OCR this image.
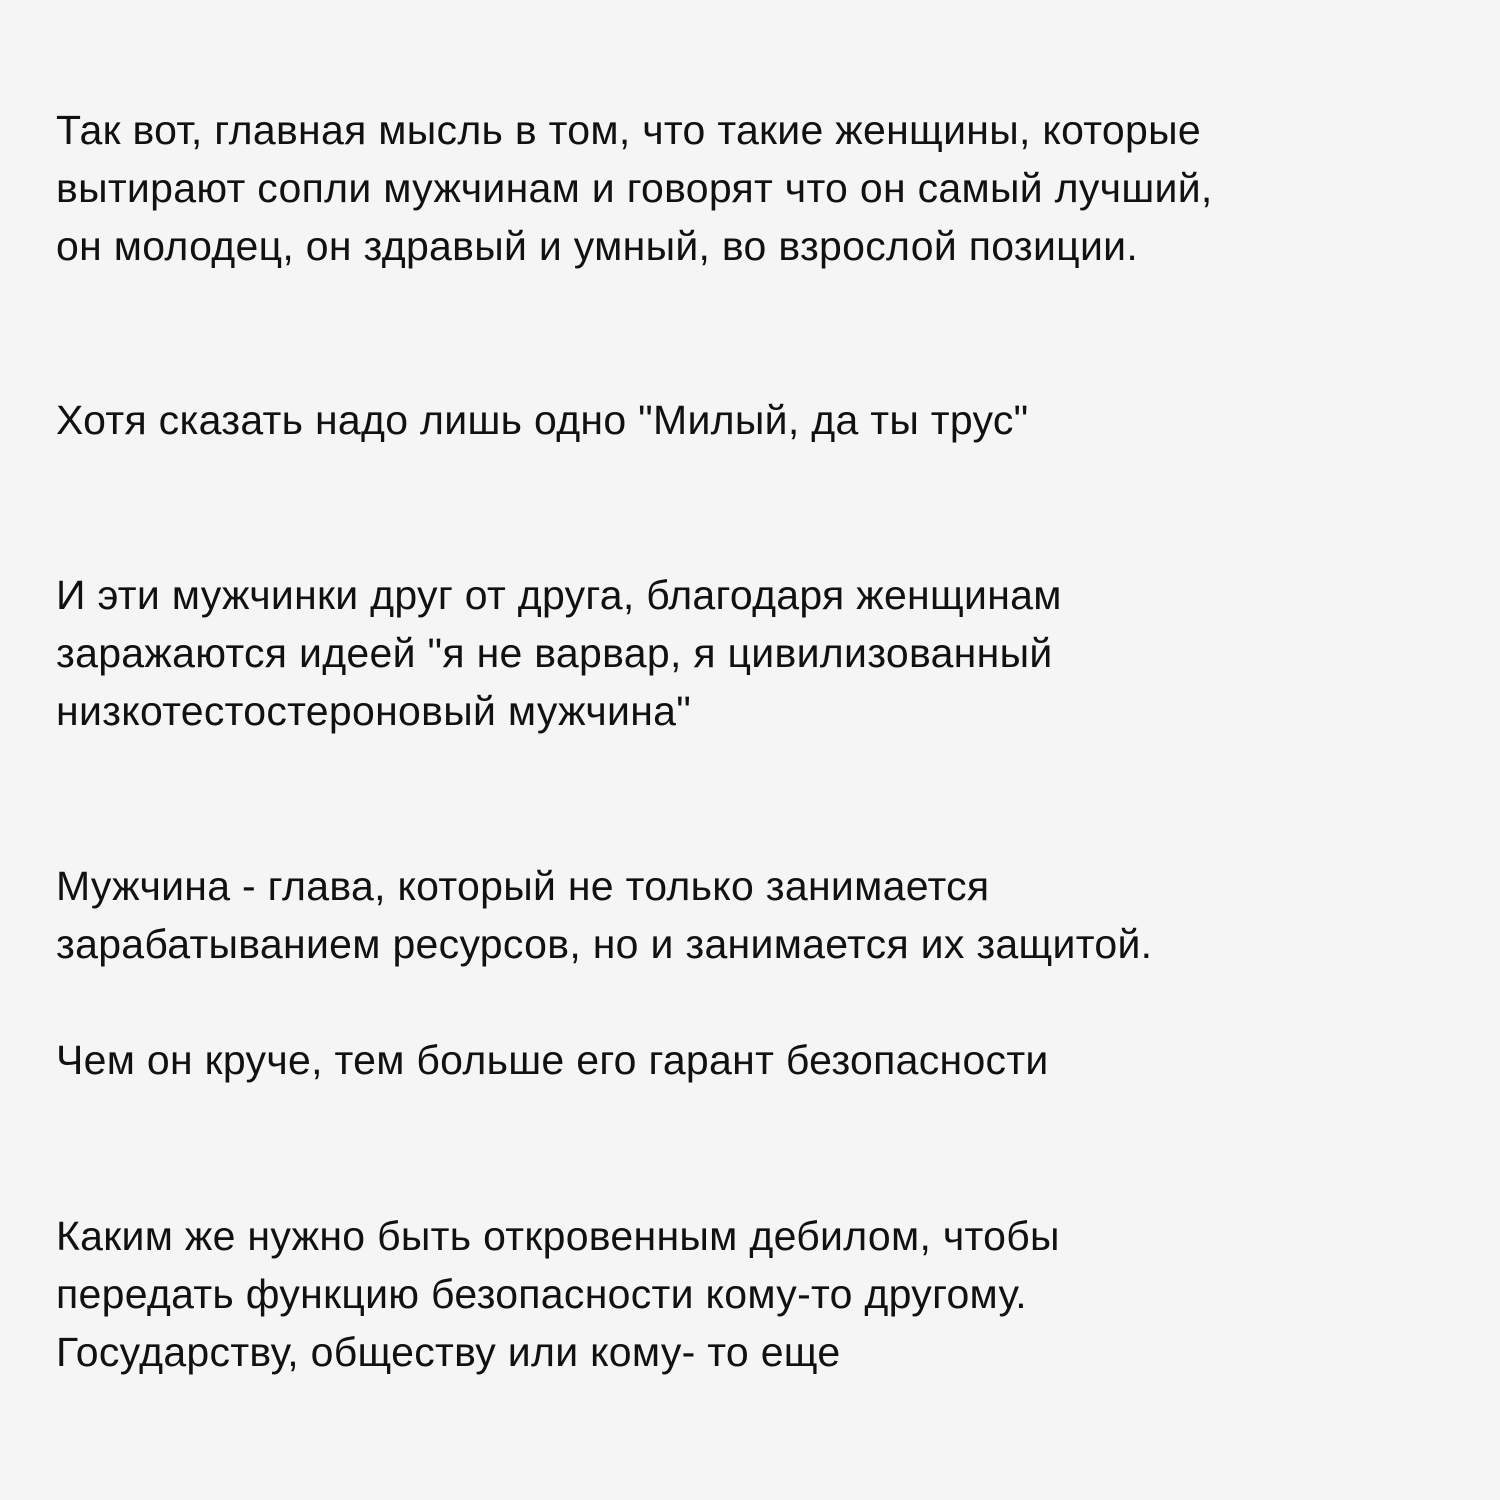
Так вот, главная мысль в том, что такие женщины, которые
вытирают сопли мужчинам и говорят что он самый лучший,
он молодец, он здравый и умный, во взрослой позиции.

Хотя сказать надо лишь одно "Милый, да ты трус"

И эти мужчинки друг от друга, благодаря женщинам
заражаются идеей "я не варвар, я цивилизованный
низкотестостероновый мужчина"

Мужчина - глава, который не только занимается
зарабатыванием ресурсов, но и занимается их защитой.

Чем он круче, тем больше его гарант безопасности

Каким же нужно быть откровенным дебилом, чтобы
передать функцию безопасности кому-то другому.
Государству, обществу или кому- то еще
